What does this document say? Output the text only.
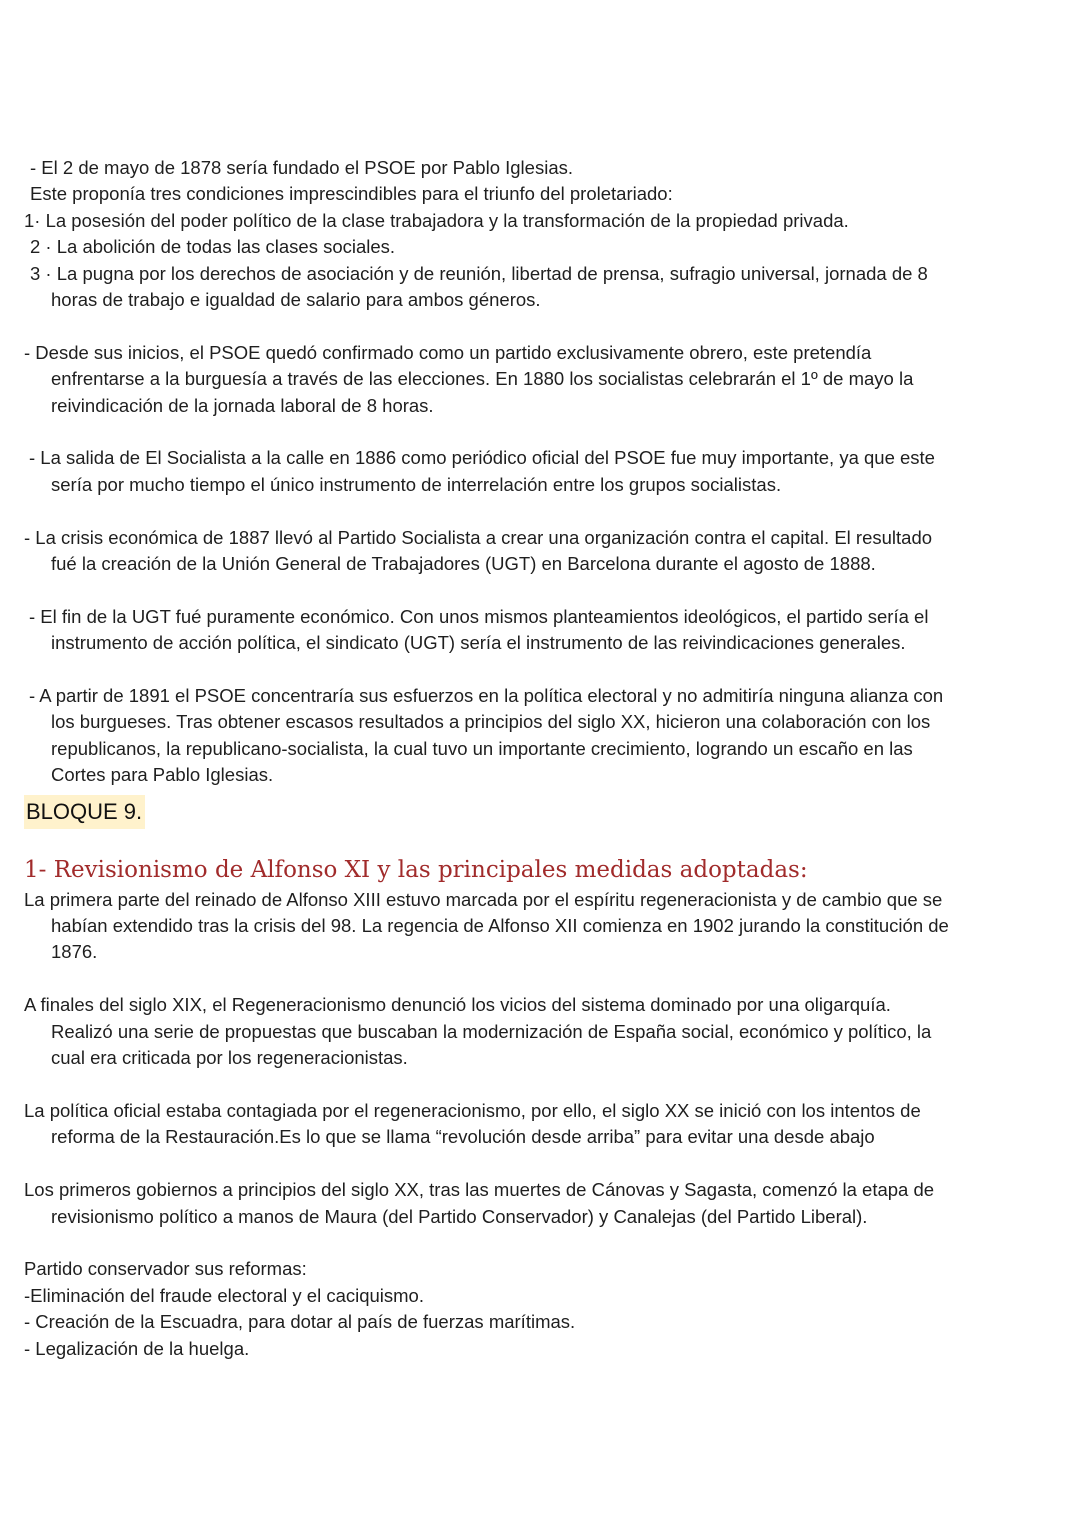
- El 2 de mayo de 1878 sería fundado el PSOE por Pablo Iglesias.

Este proponía tres condiciones imprescindibles para el triunfo del proletariado:

1· La posesión del poder político de la clase trabajadora y la transformación de la propiedad privada.

2 · La abolición de todas las clases sociales.

3 · La pugna por los derechos de asociación y de reunión, libertad de prensa, sufragio universal, jornada de 8

horas de trabajo e igualdad de salario para ambos géneros.

- Desde sus inicios, el PSOE quedó confirmado como un partido exclusivamente obrero, este pretendía

enfrentarse a la burguesía a través de las elecciones. En 1880 los socialistas celebrarán el 1º de mayo la

reivindicación de la jornada laboral de 8 horas.

- La salida de El Socialista a la calle en 1886 como periódico oficial del PSOE fue muy importante, ya que este

sería por mucho tiempo el único instrumento de interrelación entre los grupos socialistas.

- La crisis económica de 1887 llevó al Partido Socialista a crear una organización contra el capital. El resultado

fué la creación de la Unión General de Trabajadores (UGT) en Barcelona durante el agosto de 1888.

- El fin de la UGT fué puramente económico. Con unos mismos planteamientos ideológicos, el partido sería el

instrumento de acción política, el sindicato (UGT) sería el instrumento de las reivindicaciones generales.

- A partir de 1891 el PSOE concentraría sus esfuerzos en la política electoral y no admitiría ninguna alianza con

los burgueses. Tras obtener escasos resultados a principios del siglo XX, hicieron una colaboración con los

republicanos, la republicano-socialista, la cual tuvo un importante crecimiento, logrando un escaño en las

Cortes para Pablo Iglesias.

BLOQUE 9.
1- Revisionismo de Alfonso XI y las principales medidas adoptadas:

La primera parte del reinado de Alfonso XIII estuvo marcada por el espíritu regeneracionista y de cambio que se

habían extendido tras la crisis del 98. La regencia de Alfonso XII comienza en 1902 jurando la constitución de

1876.

A finales del siglo XIX, el Regeneracionismo denunció los vicios del sistema dominado por una oligarquía.

Realizó una serie de propuestas que buscaban la modernización de España social, económico y político, la

cual era criticada por los regeneracionistas.

La política oficial estaba contagiada por el regeneracionismo, por ello, el siglo XX se inició con los intentos de

reforma de la Restauración.Es lo que se llama “revolución desde arriba” para evitar una desde abajo

Los primeros gobiernos a principios del siglo XX, tras las muertes de Cánovas y Sagasta, comenzó la etapa de

revisionismo político a manos de Maura (del Partido Conservador) y Canalejas (del Partido Liberal).

Partido conservador sus reformas:

-Eliminación del fraude electoral y el caciquismo.

- Creación de la Escuadra, para dotar al país de fuerzas marítimas.

- Legalización de la huelga.
